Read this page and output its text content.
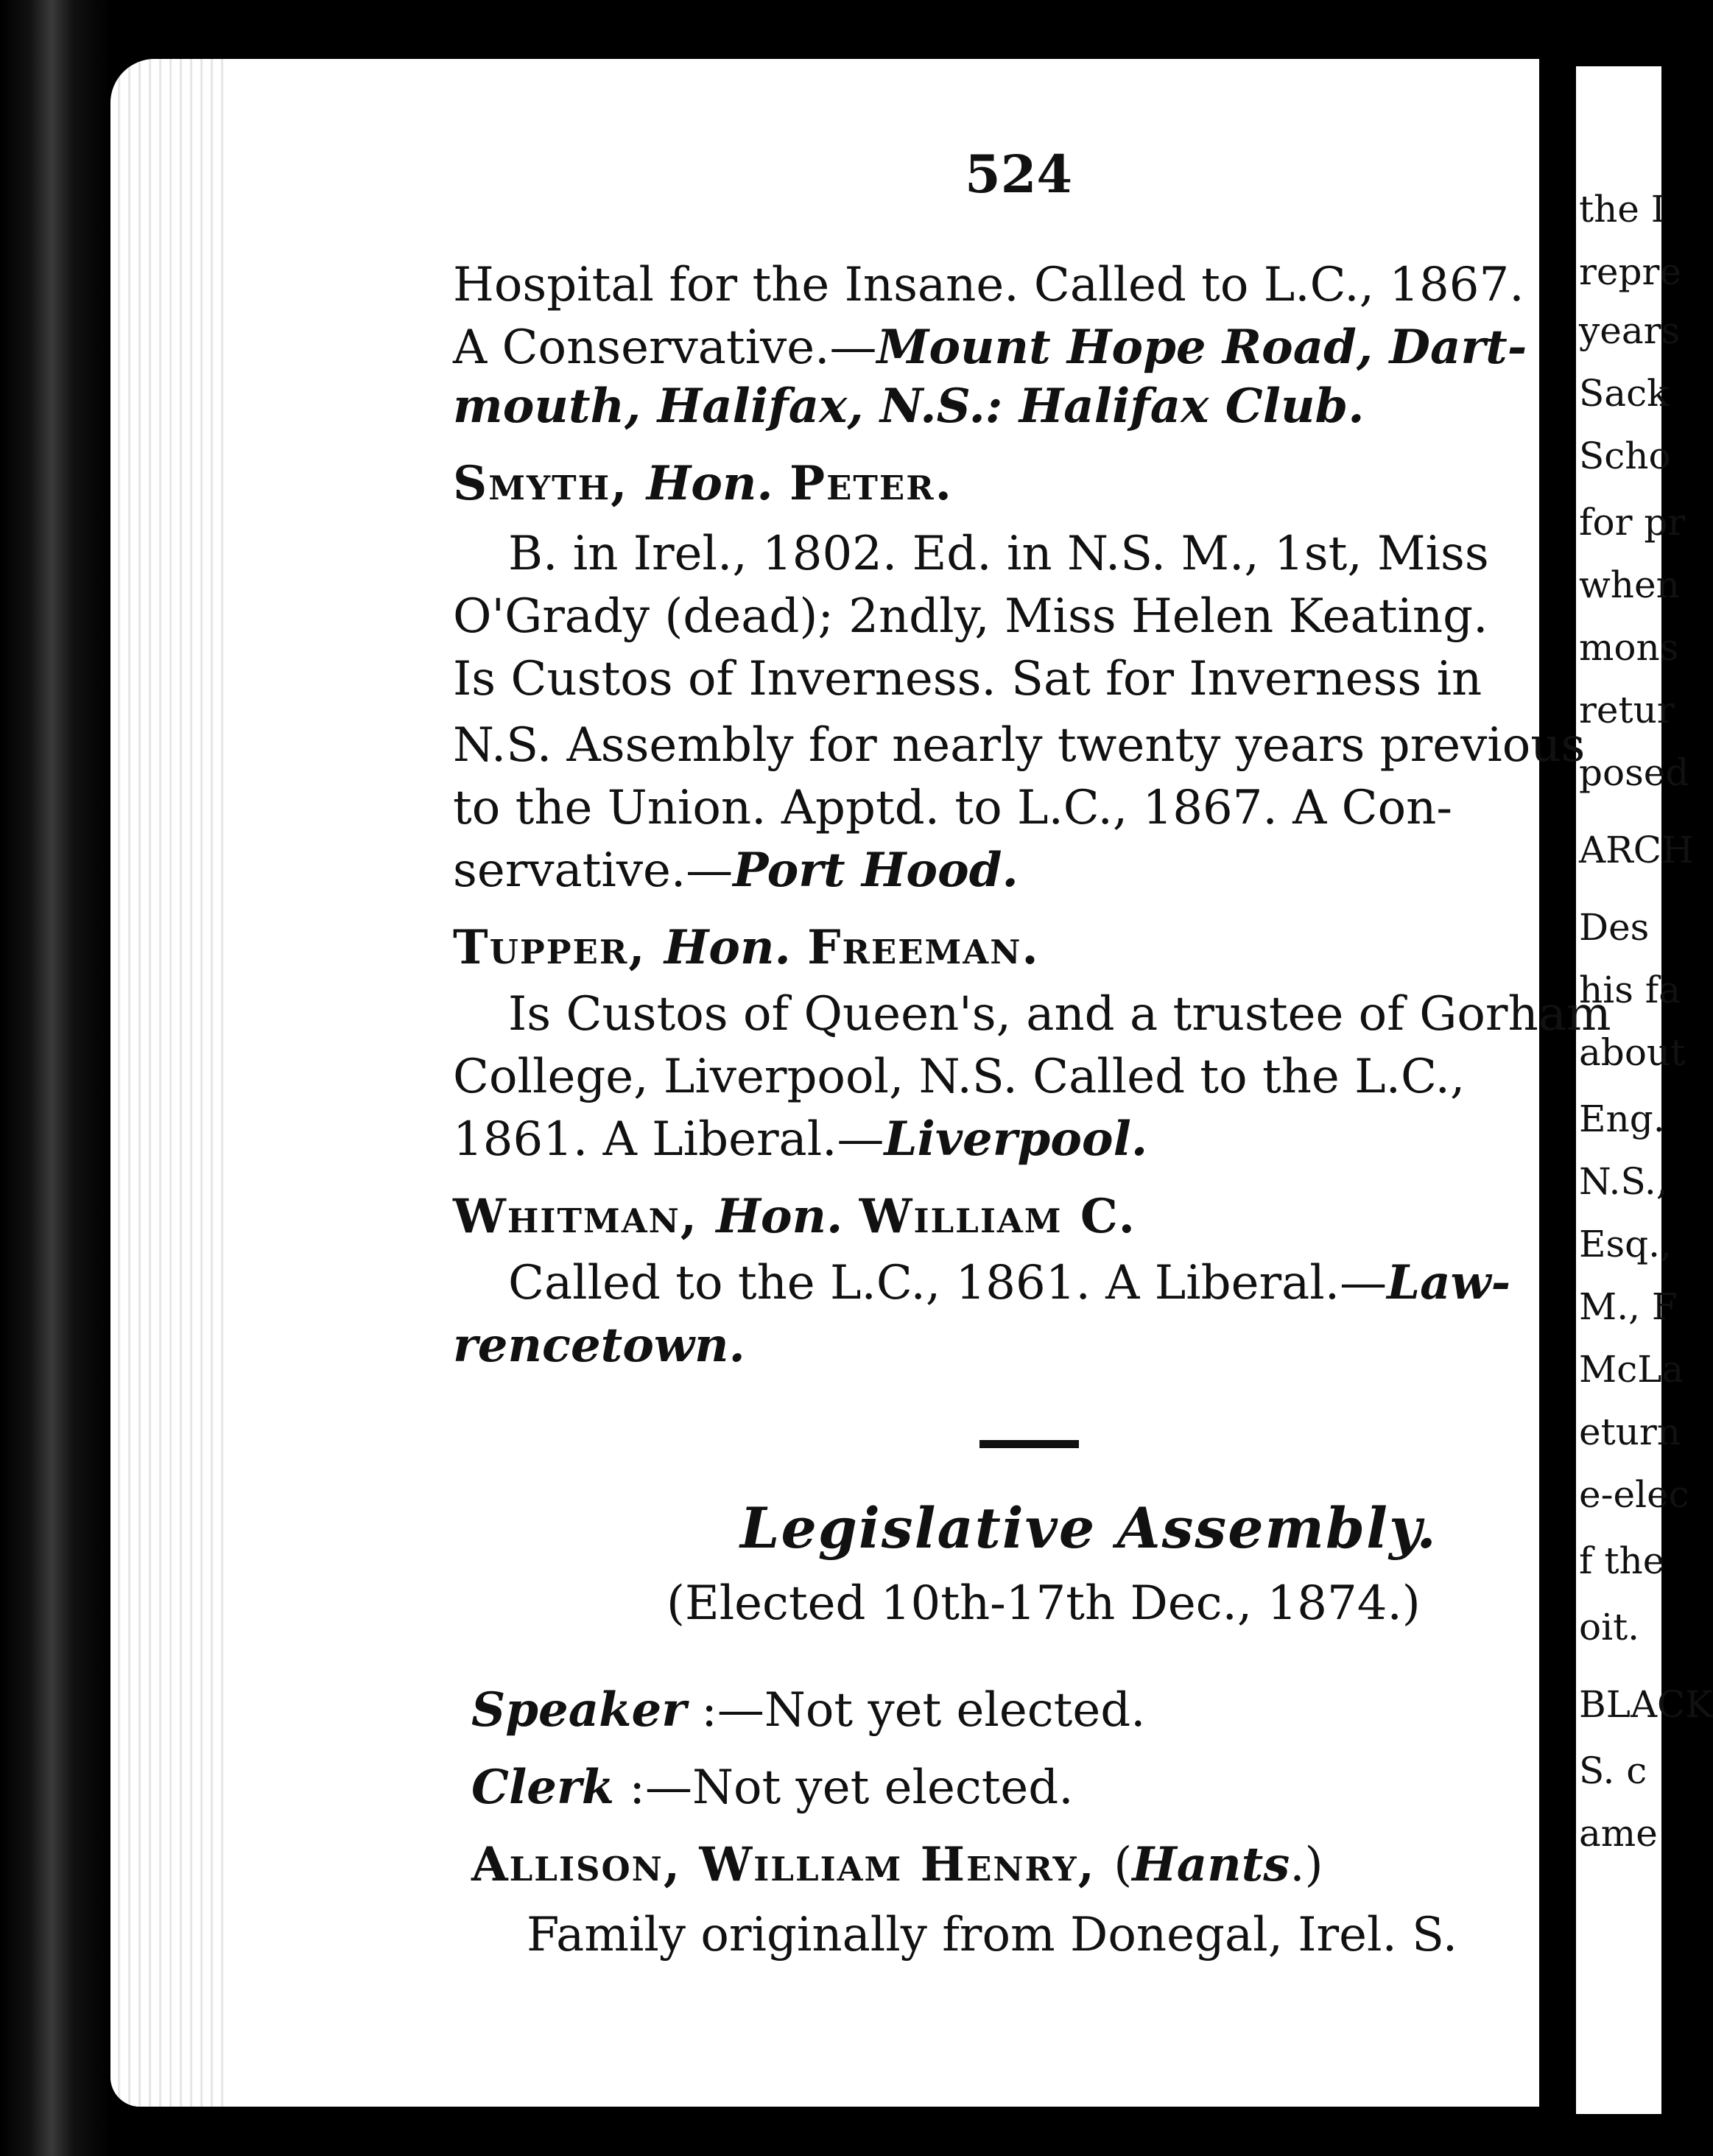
the I
repre
years
Sack
Scho
for pr
when
mons
retur
posed
ARCH
Des
his fa
about
Eng.
N.S.,
Esq.,
M., F
McLa
eturn
e-elec
f the
oit.
BLACK
S. c
ame
524
Hospital for the Insane. Called to L.C., 1867.
A Conservative.—Mount Hope Road, Dart-
mouth, Halifax, N.S.: Halifax Club.
Smyth, Hon. Peter.
B. in Irel., 1802. Ed. in N.S. M., 1st, Miss
O'Grady (dead); 2ndly, Miss Helen Keating.
Is Custos of Inverness. Sat for Inverness in
N.S. Assembly for nearly twenty years previous
to the Union. Apptd. to L.C., 1867. A Con-
servative.—Port Hood.
Tupper, Hon. Freeman.
Is Custos of Queen's, and a trustee of Gorham
College, Liverpool, N.S. Called to the L.C.,
1861. A Liberal.—Liverpool.
Whitman, Hon. William C.
Called to the L.C., 1861. A Liberal.—Law-
rencetown.
Legislative Assembly.
(Elected 10th-17th Dec., 1874.)
Speaker :—Not yet elected.
Clerk :—Not yet elected.
Allison, William Henry, (Hants.)
Family originally from Donegal, Irel. S.
